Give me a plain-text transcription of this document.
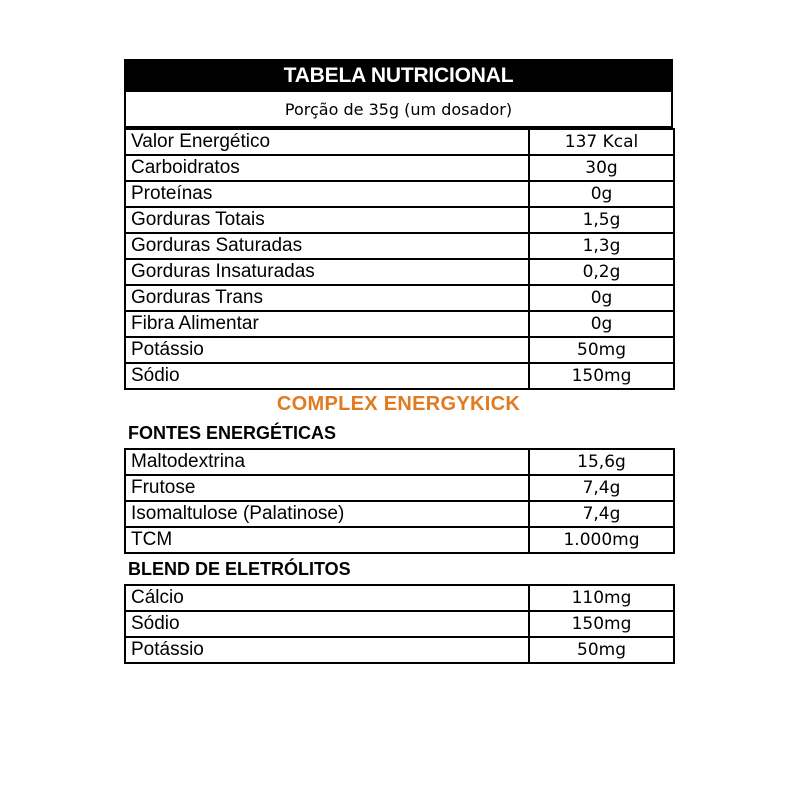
TABELA NUTRICIONAL
Porção de 35g (um dosador)
Valor Energético	137 Kcal
Carboidratos	30g
Proteínas	0g
Gorduras Totais	1,5g
Gorduras Saturadas	1,3g
Gorduras Insaturadas	0,2g
Gorduras Trans	0g
Fibra Alimentar	0g
Potássio	50mg
Sódio	150mg
COMPLEX ENERGYKICK
FONTES ENERGÉTICAS
Maltodextrina	15,6g
Frutose	7,4g
Isomaltulose (Palatinose)	7,4g
TCM	1.000mg
BLEND DE ELETRÓLITOS
Cálcio	110mg
Sódio	150mg
Potássio	50mg
